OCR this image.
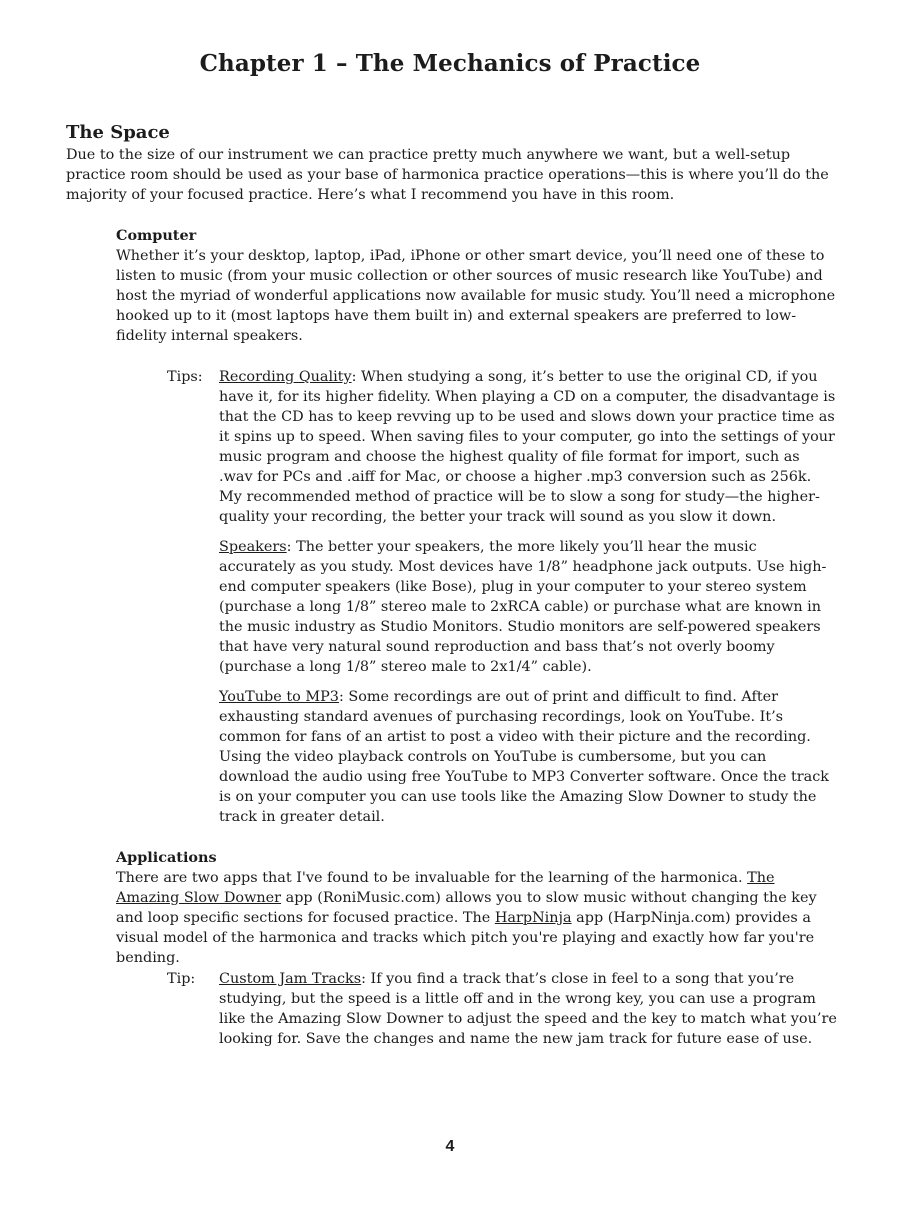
Chapter 1 – The Mechanics of Practice
The Space
Due to the size of our instrument we can practice pretty much anywhere we want, but a well-setup practice room should be used as your base of harmonica practice operations—this is where you’ll do the majority of your focused practice. Here’s what I recommend you have in this room.
Computer
Whether it’s your desktop, laptop, iPad, iPhone or other smart device, you’ll need one of these to listen to music (from your music collection or other sources of music research like YouTube) and host the myriad of wonderful applications now available for music study. You’ll need a microphone hooked up to it (most laptops have them built in) and external speakers are preferred to low-fidelity internal speakers.
Tips:	Recording Quality: When studying a song, it’s better to use the original CD, if you have it, for its higher fidelity. When playing a CD on a computer, the disadvantage is that the CD has to keep revving up to be used and slows down your practice time as it spins up to speed. When saving files to your computer, go into the settings of your music program and choose the highest quality of file format for import, such as .wav for PCs and .aiff for Mac, or choose a higher .mp3 conversion such as 256k. My recommended method of practice will be to slow a song for study—the higher-quality your recording, the better your track will sound as you slow it down.
Speakers: The better your speakers, the more likely you’ll hear the music accurately as you study. Most devices have 1/8” headphone jack outputs. Use high-end computer speakers (like Bose), plug in your computer to your stereo system (purchase a long 1/8” stereo male to 2xRCA cable) or purchase what are known in the music industry as Studio Monitors. Studio monitors are self-powered speakers that have very natural sound reproduction and bass that’s not overly boomy (purchase a long 1/8” stereo male to 2x1/4” cable).
YouTube to MP3: Some recordings are out of print and difficult to find. After exhausting standard avenues of purchasing recordings, look on YouTube. It’s common for fans of an artist to post a video with their picture and the recording. Using the video playback controls on YouTube is cumbersome, but you can download the audio using free YouTube to MP3 Converter software. Once the track is on your computer you can use tools like the Amazing Slow Downer to study the track in greater detail.
Applications
There are two apps that I've found to be invaluable for the learning of the harmonica. The Amazing Slow Downer app (RoniMusic.com) allows you to slow music without changing the key and loop specific sections for focused practice. The HarpNinja app (HarpNinja.com) provides a visual model of the harmonica and tracks which pitch you're playing and exactly how far you're bending.
Tip:	Custom Jam Tracks: If you find a track that’s close in feel to a song that you’re studying, but the speed is a little off and in the wrong key, you can use a program like the Amazing Slow Downer to adjust the speed and the key to match what you’re looking for. Save the changes and name the new jam track for future ease of use.
4
